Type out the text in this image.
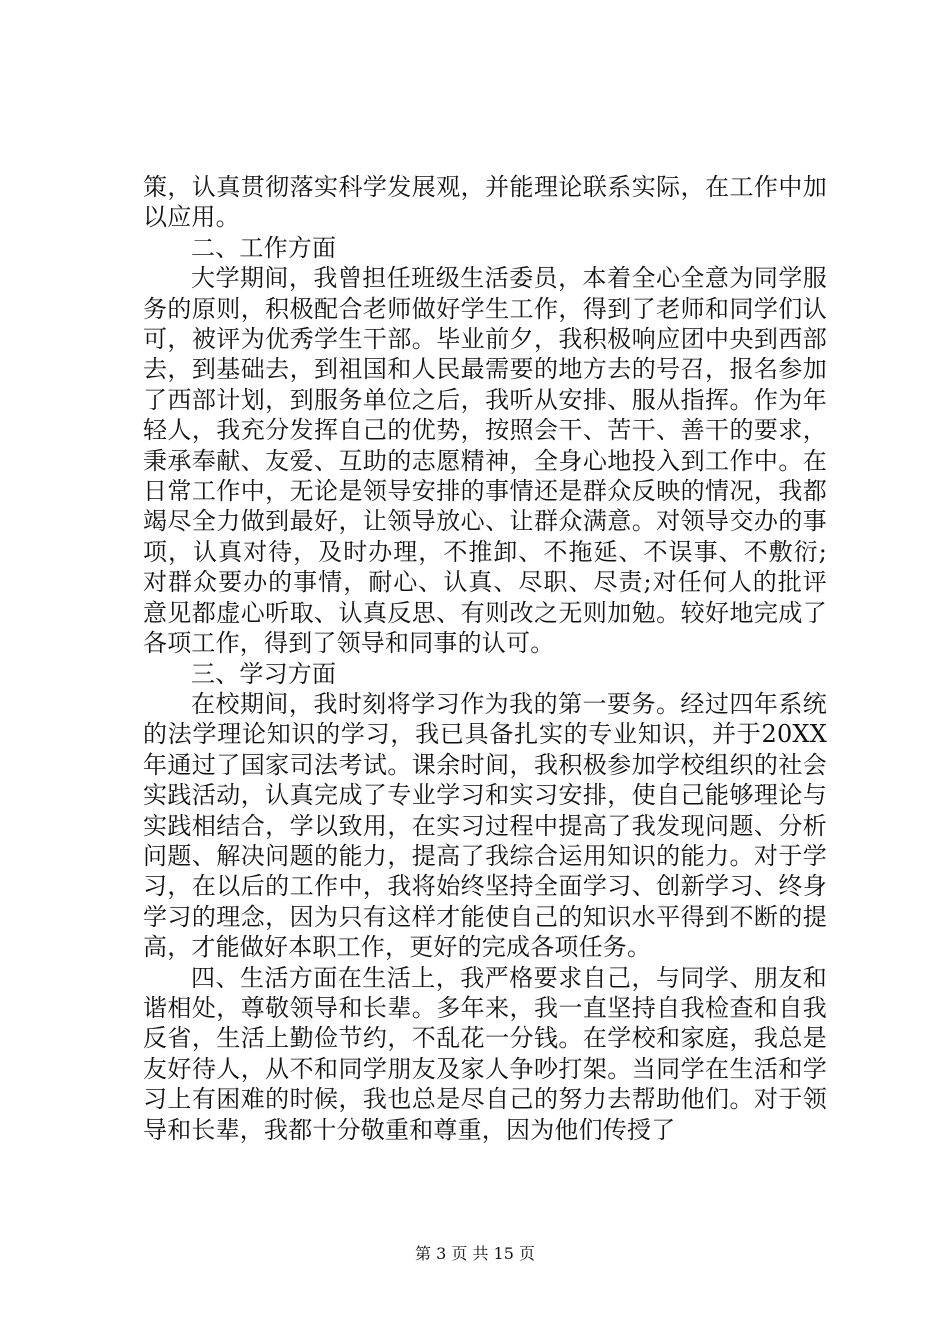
策，认真贯彻落实科学发展观，并能理论联系实际，在工作中加以应用。

二、工作方面

大学期间，我曾担任班级生活委员，本着全心全意为同学服务的原则，积极配合老师做好学生工作，得到了老师和同学们认可，被评为优秀学生干部。毕业前夕，我积极响应团中央到西部去，到基础去，到祖国和人民最需要的地方去的号召，报名参加了西部计划，到服务单位之后，我听从安排、服从指挥。作为年轻人，我充分发挥自己的优势，按照会干、苦干、善干的要求，秉承奉献、友爱、互助的志愿精神，全身心地投入到工作中。在日常工作中，无论是领导安排的事情还是群众反映的情况，我都竭尽全力做到最好，让领导放心、让群众满意。对领导交办的事项，认真对待，及时办理，不推卸、不拖延、不误事、不敷衍;对群众要办的事情，耐心、认真、尽职、尽责;对任何人的批评意见都虚心听取、认真反思、有则改之无则加勉。较好地完成了各项工作，得到了领导和同事的认可。

三、学习方面

在校期间，我时刻将学习作为我的第一要务。经过四年系统的法学理论知识的学习，我已具备扎实的专业知识，并于20XX 年通过了国家司法考试。课余时间，我积极参加学校组织的社会实践活动，认真完成了专业学习和实习安排，使自己能够理论与实践相结合，学以致用，在实习过程中提高了我发现问题、分析问题、解决问题的能力，提高了我综合运用知识的能力。对于学习，在以后的工作中，我将始终坚持全面学习、创新学习、终身学习的理念，因为只有这样才能使自己的知识水平得到不断的提高，才能做好本职工作，更好的完成各项任务。

四、生活方面在生活上，我严格要求自己，与同学、朋友和谐相处，尊敬领导和长辈。多年来，我一直坚持自我检查和自我反省，生活上勤俭节约，不乱花一分钱。在学校和家庭，我总是友好待人，从不和同学朋友及家人争吵打架。当同学在生活和学习上有困难的时候，我也总是尽自己的努力去帮助他们。对于领导和长辈，我都十分敬重和尊重，因为他们传授了

第 3 页 共 15 页
